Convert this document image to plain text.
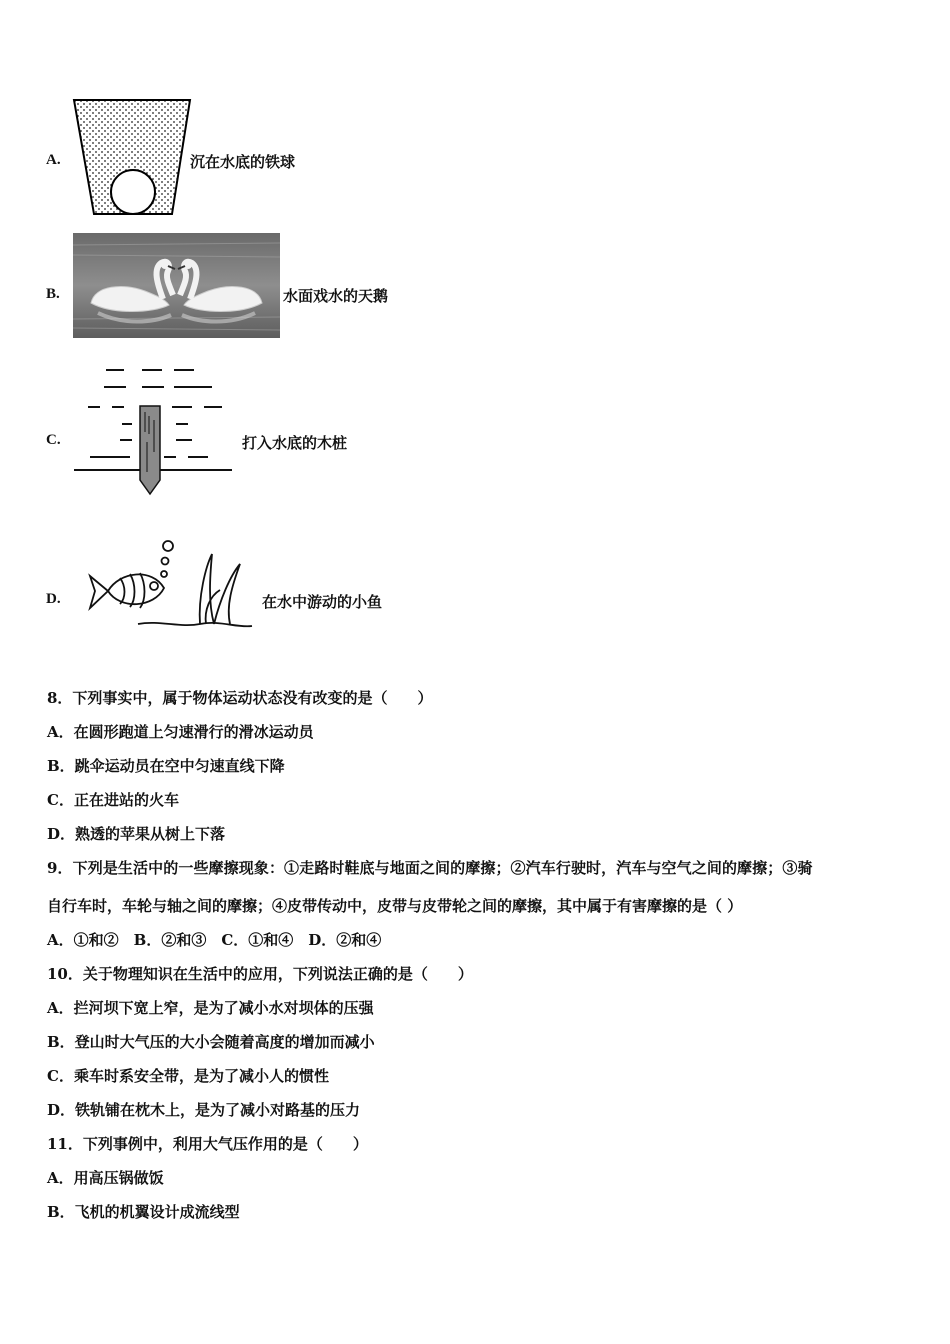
A.	沉在水底的铁球
B.	水面戏水的天鹅
C.	打入水底的木桩
D.	在水中游动的小鱼
8．下列事实中，属于物体运动状态没有改变的是（　　）
A．在圆形跑道上匀速滑行的滑冰运动员
B．跳伞运动员在空中匀速直线下降
C．正在进站的火车
D．熟透的苹果从树上下落
9．下列是生活中的一些摩擦现象：①走路时鞋底与地面之间的摩擦；②汽车行驶时，汽车与空气之间的摩擦；③骑
自行车时，车轮与轴之间的摩擦；④皮带传动中，皮带与皮带轮之间的摩擦，其中属于有害摩擦的是（ ）
A．①和②　B．②和③　C．①和④　D．②和④
10．关于物理知识在生活中的应用，下列说法正确的是（　　）
A．拦河坝下宽上窄，是为了减小水对坝体的压强
B．登山时大气压的大小会随着高度的增加而减小
C．乘车时系安全带，是为了减小人的惯性
D．铁轨铺在枕木上，是为了减小对路基的压力
11．下列事例中，利用大气压作用的是（　　）
A．用高压锅做饭
B．飞机的机翼设计成流线型
